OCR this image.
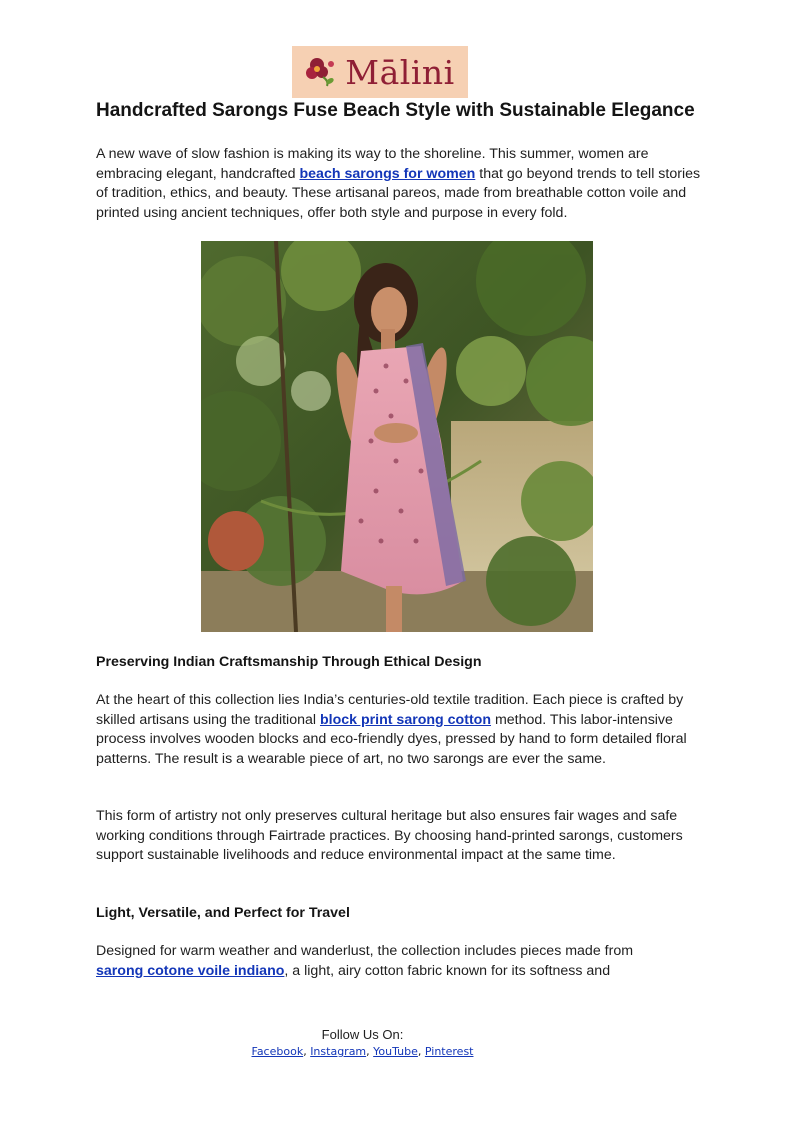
Mālini
Handcrafted Sarongs Fuse Beach Style with Sustainable Elegance

A new wave of slow fashion is making its way to the shoreline. This summer, women are embracing elegant, handcrafted beach sarongs for women that go beyond trends to tell stories of tradition, ethics, and beauty. These artisanal pareos, made from breathable cotton voile and printed using ancient techniques, offer both style and purpose in every fold.

Preserving Indian Craftsmanship Through Ethical Design

At the heart of this collection lies India’s centuries-old textile tradition. Each piece is crafted by skilled artisans using the traditional block print sarong cotton method. This labor-intensive process involves wooden blocks and eco-friendly dyes, pressed by hand to form detailed floral patterns. The result is a wearable piece of art, no two sarongs are ever the same.

This form of artistry not only preserves cultural heritage but also ensures fair wages and safe working conditions through Fairtrade practices. By choosing hand-printed sarongs, customers support sustainable livelihoods and reduce environmental impact at the same time.

Light, Versatile, and Perfect for Travel

Designed for warm weather and wanderlust, the collection includes pieces made from sarong cotone voile indiano, a light, airy cotton fabric known for its softness and

Follow Us On:
Facebook, Instagram, YouTube, Pinterest
